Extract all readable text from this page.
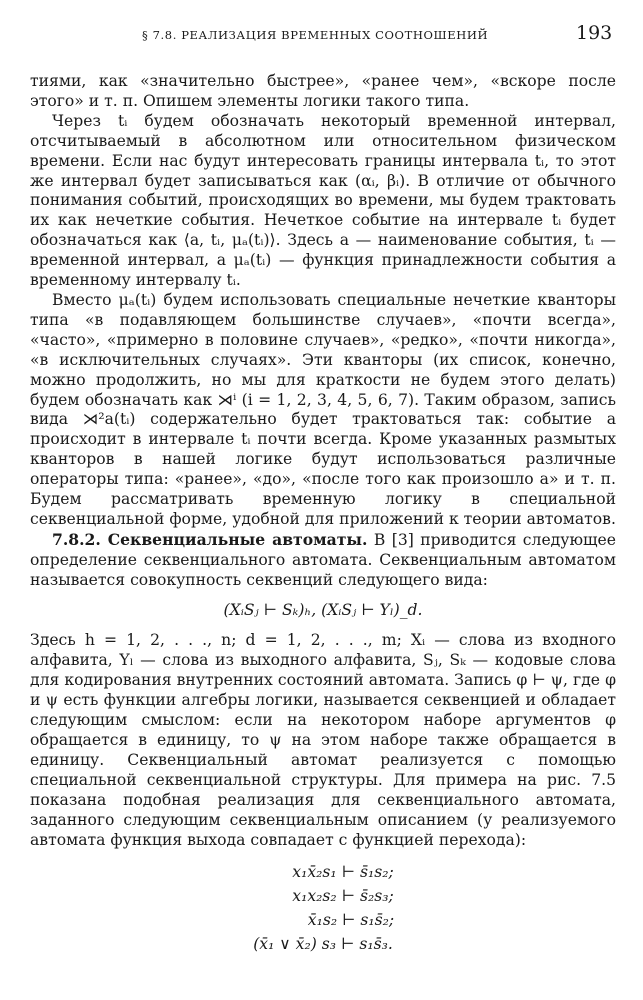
§ 7.8. РЕАЛИЗАЦИЯ ВРЕМЕННЫХ СООТНОШЕНИЙ	193

тиями, как «значительно быстрее», «ранее чем», «вскоре после этого» и т. п. Опишем элементы логики такого типа.

Через tᵢ будем обозначать некоторый временной интервал, отсчитываемый в абсолютном или относительном физическом времени. Если нас будут интересовать границы интервала tᵢ, то этот же интервал будет записываться как (αᵢ, βᵢ). В отличие от обычного понимания событий, происходящих во времени, мы будем трактовать их как нечеткие события. Нечеткое событие на интервале tᵢ будет обозначаться как ⟨a, tᵢ, μₐ(tᵢ)⟩. Здесь a — наименование события, tᵢ — временной интервал, а μₐ(tᵢ) — функция принадлежности события a временному интервалу tᵢ.

Вместо μₐ(tᵢ) будем использовать специальные нечеткие кванторы типа «в подавляющем большинстве случаев», «почти всегда», «часто», «примерно в половине случаев», «редко», «почти никогда», «в исключительных случаях». Эти кванторы (их список, конечно, можно продолжить, но мы для краткости не будем этого делать) будем обозначать как ⋊ⁱ (i = 1, 2, 3, 4, 5, 6, 7). Таким образом, запись вида ⋊²a(tᵢ) содержательно будет трактоваться так: событие a происходит в интервале tᵢ почти всегда. Кроме указанных размытых кванторов в нашей логике будут использоваться различные операторы типа: «ранее», «до», «после того как произошло a» и т. п. Будем рассматривать временную логику в специальной секвенциальной форме, удобной для приложений к теории автоматов.

7.8.2. Секвенциальные автоматы. В [3] приводится следующее определение секвенциального автомата. Секвенциальным автоматом называется совокупность секвенций следующего вида:

(XᵢSⱼ ⊢ Sₖ)ₕ, (XᵢSⱼ ⊢ Yₗ)_d.

Здесь h = 1, 2, . . ., n; d = 1, 2, . . ., m; Xᵢ — слова из входного алфавита, Yₗ — слова из выходного алфавита, Sⱼ, Sₖ — кодовые слова для кодирования внутренних состояний автомата. Запись φ ⊢ ψ, где φ и ψ есть функции алгебры логики, называется секвенцией и обладает следующим смыслом: если на некотором наборе аргументов φ обращается в единицу, то ψ на этом наборе также обращается в единицу. Секвенциальный автомат реализуется с помощью специальной секвенциальной структуры. Для примера на рис. 7.5 показана подобная реализация для секвенциального автомата, заданного следующим секвенциальным описанием (у реализуемого автомата функция выхода совпадает с функцией перехода):

x₁x̄₂s₁ ⊢ s̄₁s₂;
x₁x₂s₂ ⊢ s̄₂s₃;
x̄₁s₂ ⊢ s₁s̄₂;
(x̄₁ ∨ x̄₂) s₃ ⊢ s₁s̄₃.
